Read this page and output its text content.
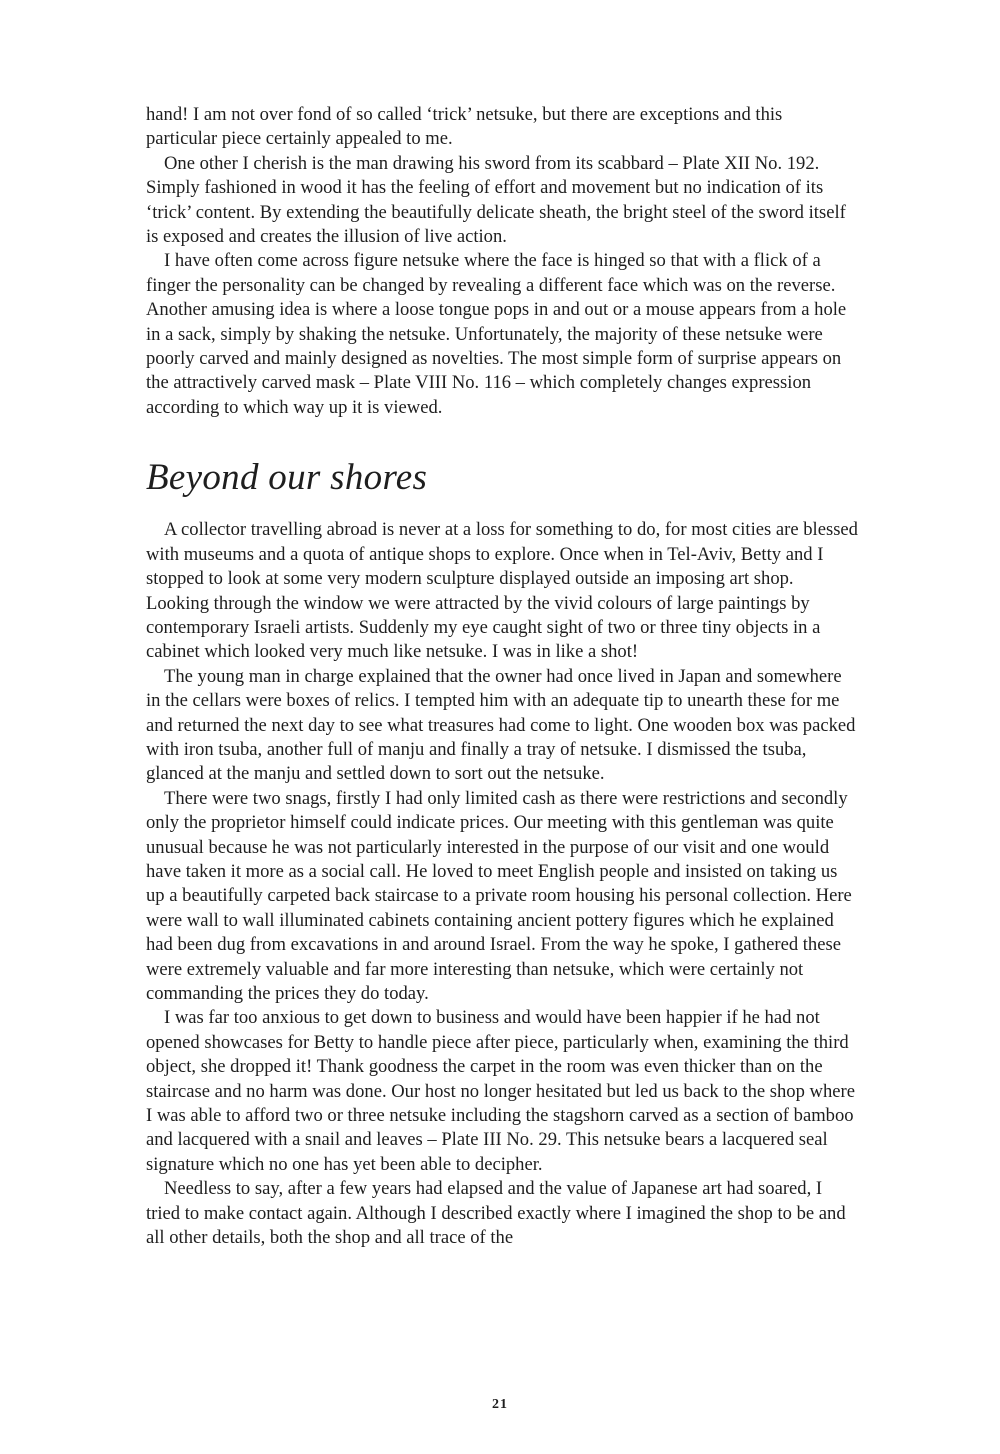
hand! I am not over fond of so called ‘trick’ netsuke, but there are exceptions and this particular piece certainly appealed to me.

One other I cherish is the man drawing his sword from its scabbard – Plate XII No. 192. Simply fashioned in wood it has the feeling of effort and movement but no indication of its ‘trick’ content. By extending the beautifully delicate sheath, the bright steel of the sword itself is exposed and creates the illusion of live action.

I have often come across figure netsuke where the face is hinged so that with a flick of a finger the personality can be changed by revealing a different face which was on the reverse. Another amusing idea is where a loose tongue pops in and out or a mouse appears from a hole in a sack, simply by shaking the netsuke. Unfortunately, the majority of these netsuke were poorly carved and mainly designed as novelties. The most simple form of surprise appears on the attractively carved mask – Plate VIII No. 116 – which completely changes expression according to which way up it is viewed.

Beyond our shores

A collector travelling abroad is never at a loss for something to do, for most cities are blessed with museums and a quota of antique shops to explore. Once when in Tel-Aviv, Betty and I stopped to look at some very modern sculpture displayed outside an imposing art shop. Looking through the window we were attracted by the vivid colours of large paintings by contemporary Israeli artists. Suddenly my eye caught sight of two or three tiny objects in a cabinet which looked very much like netsuke. I was in like a shot!

The young man in charge explained that the owner had once lived in Japan and somewhere in the cellars were boxes of relics. I tempted him with an adequate tip to unearth these for me and returned the next day to see what treasures had come to light. One wooden box was packed with iron tsuba, another full of manju and finally a tray of netsuke. I dismissed the tsuba, glanced at the manju and settled down to sort out the netsuke.

There were two snags, firstly I had only limited cash as there were restrictions and secondly only the proprietor himself could indicate prices. Our meeting with this gentleman was quite unusual because he was not particularly interested in the purpose of our visit and one would have taken it more as a social call. He loved to meet English people and insisted on taking us up a beautifully carpeted back staircase to a private room housing his personal collection. Here were wall to wall illuminated cabinets containing ancient pottery figures which he explained had been dug from excavations in and around Israel. From the way he spoke, I gathered these were extremely valuable and far more interesting than netsuke, which were certainly not commanding the prices they do today.

I was far too anxious to get down to business and would have been happier if he had not opened showcases for Betty to handle piece after piece, particularly when, examining the third object, she dropped it! Thank goodness the carpet in the room was even thicker than on the staircase and no harm was done. Our host no longer hesitated but led us back to the shop where I was able to afford two or three netsuke including the stagshorn carved as a section of bamboo and lacquered with a snail and leaves – Plate III No. 29. This netsuke bears a lacquered seal signature which no one has yet been able to decipher.

Needless to say, after a few years had elapsed and the value of Japanese art had soared, I tried to make contact again. Although I described exactly where I imagined the shop to be and all other details, both the shop and all trace of the

21
